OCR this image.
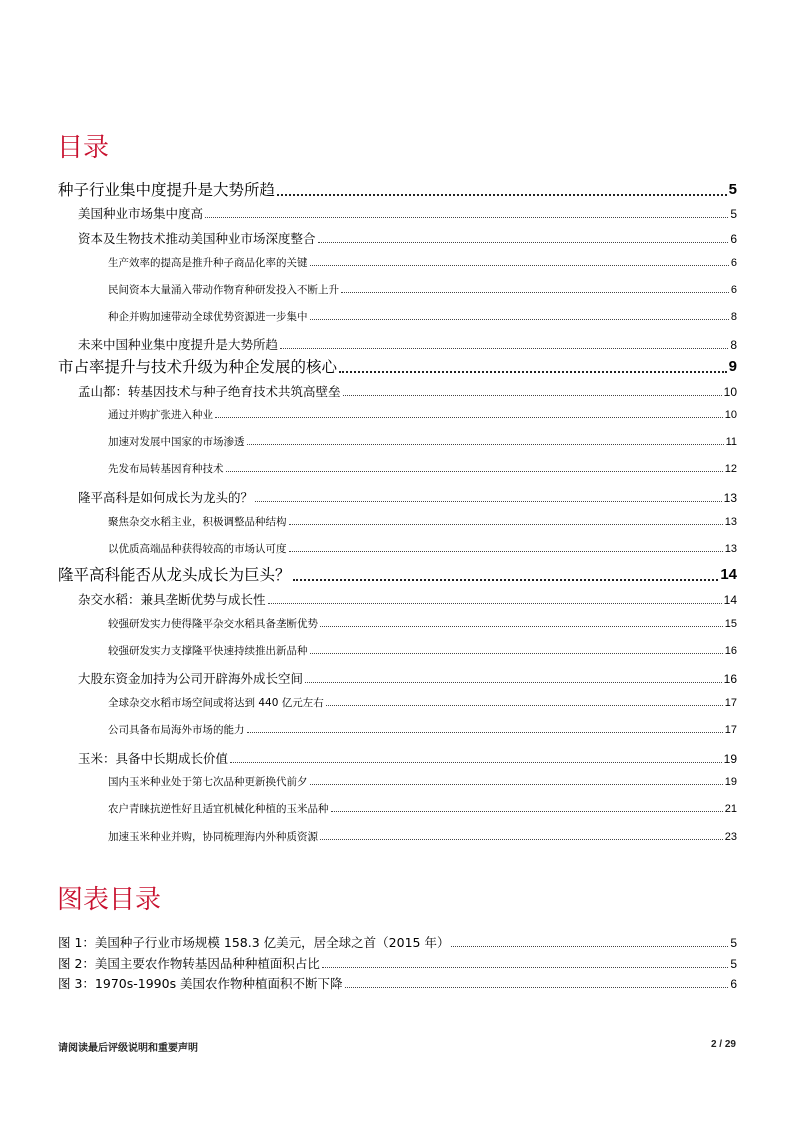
目录
种子行业集中度提升是大势所趋	5
美国种业市场集中度高	5
资本及生物技术推动美国种业市场深度整合	6
生产效率的提高是推升种子商品化率的关键	6
民间资本大量涌入带动作物育种研发投入不断上升	6
种企并购加速带动全球优势资源进一步集中	8
未来中国种业集中度提升是大势所趋	8
市占率提升与技术升级为种企发展的核心	9
孟山都：转基因技术与种子绝育技术共筑高壁垒	10
通过并购扩张进入种业	10
加速对发展中国家的市场渗透	11
先发布局转基因育种技术	12
隆平高科是如何成长为龙头的？	13
聚焦杂交水稻主业，积极调整品种结构	13
以优质高端品种获得较高的市场认可度	13
隆平高科能否从龙头成长为巨头？	14
杂交水稻：兼具垄断优势与成长性	14
较强研发实力使得隆平杂交水稻具备垄断优势	15
较强研发实力支撑隆平快速持续推出新品种	16
大股东资金加持为公司开辟海外成长空间	16
全球杂交水稻市场空间或将达到 440 亿元左右	17
公司具备布局海外市场的能力	17
玉米：具备中长期成长价值	19
国内玉米种业处于第七次品种更新换代前夕	19
农户青睐抗逆性好且适宜机械化种植的玉米品种	21
加速玉米种业并购，协同梳理海内外种质资源	23
图表目录
图 1：美国种子行业市场规模 158.3 亿美元，居全球之首（2015 年）	5
图 2：美国主要农作物转基因品种种植面积占比	5
图 3：1970s-1990s 美国农作物种植面积不断下降	6
请阅读最后评级说明和重要声明	2 / 29
